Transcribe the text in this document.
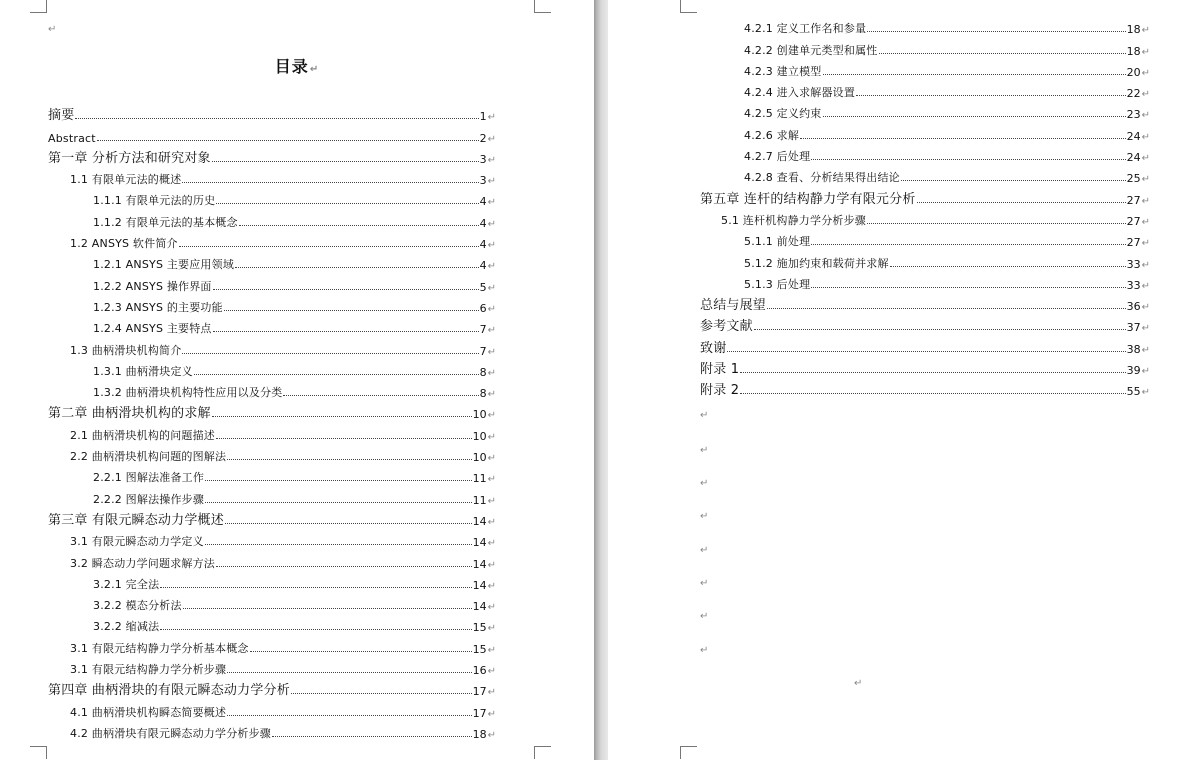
↵
目录↵
摘要	1 ↵
Abstract	2 ↵
第一章 分析方法和研究对象	3 ↵
1.1 有限单元法的概述	3 ↵
1.1.1 有限单元法的历史	4 ↵
1.1.2 有限单元法的基本概念	4 ↵
1.2 ANSYS 软件简介	4 ↵
1.2.1 ANSYS 主要应用领域	4 ↵
1.2.2 ANSYS 操作界面	5 ↵
1.2.3 ANSYS 的主要功能	6 ↵
1.2.4 ANSYS 主要特点	7 ↵
1.3 曲柄滑块机构简介	7 ↵
1.3.1 曲柄滑块定义	8 ↵
1.3.2 曲柄滑块机构特性应用以及分类	8 ↵
第二章 曲柄滑块机构的求解	10 ↵
2.1 曲柄滑块机构的问题描述	10 ↵
2.2 曲柄滑块机构问题的图解法	10 ↵
2.2.1 图解法准备工作	11 ↵
2.2.2 图解法操作步骤	11 ↵
第三章 有限元瞬态动力学概述	14 ↵
3.1 有限元瞬态动力学定义	14 ↵
3.2 瞬态动力学问题求解方法	14 ↵
3.2.1 完全法	14 ↵
3.2.2 模态分析法	14 ↵
3.2.2 缩减法	15 ↵
3.1 有限元结构静力学分析基本概念	15 ↵
3.1 有限元结构静力学分析步骤	16 ↵
第四章 曲柄滑块的有限元瞬态动力学分析	17 ↵
4.1 曲柄滑块机构瞬态简要概述	17 ↵
4.2 曲柄滑块有限元瞬态动力学分析步骤	18 ↵
↵
↵
↵
↵
↵
↵
↵
↵
↵
4.2.1 定义工作名和参量	18 ↵
4.2.2 创建单元类型和属性	18 ↵
4.2.3 建立模型	20 ↵
4.2.4 进入求解器设置	22 ↵
4.2.5 定义约束	23 ↵
4.2.6 求解	24 ↵
4.2.7 后处理	24 ↵
4.2.8 查看、分析结果得出结论	25 ↵
第五章 连杆的结构静力学有限元分析	27 ↵
5.1 连杆机构静力学分析步骤	27 ↵
5.1.1 前处理	27 ↵
5.1.2 施加约束和载荷并求解	33 ↵
5.1.3 后处理	33 ↵
总结与展望	36 ↵
参考文献	37 ↵
致谢	38 ↵
附录 1	39 ↵
附录 2	55 ↵
